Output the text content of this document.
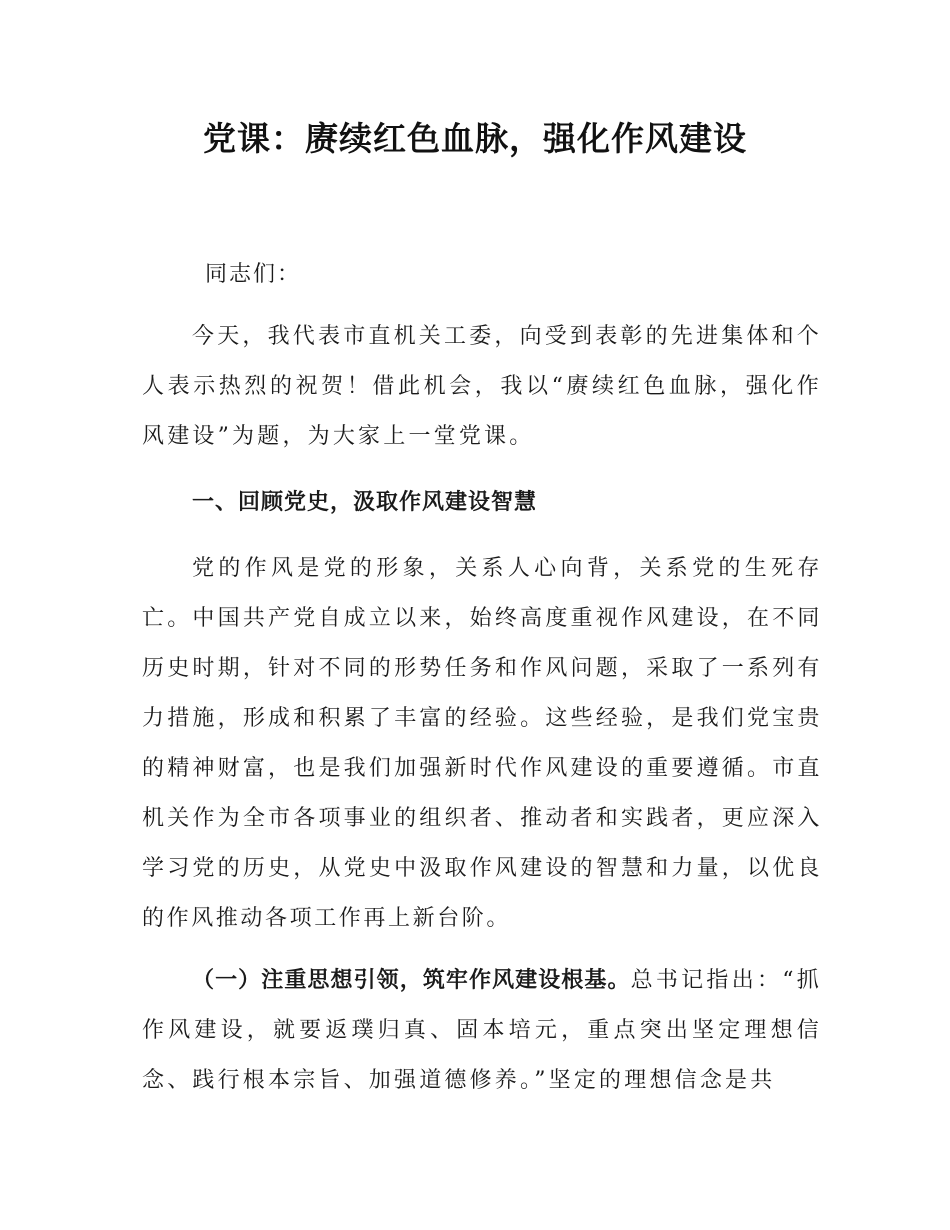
党课：赓续红色血脉，强化作风建设

同志们：

今天，我代表市直机关工委，向受到表彰的先进集体和个人表示热烈的祝贺！借此机会，我以“赓续红色血脉，强化作风建设”为题，为大家上一堂党课。

一、回顾党史，汲取作风建设智慧

党的作风是党的形象，关系人心向背，关系党的生死存亡。中国共产党自成立以来，始终高度重视作风建设，在不同历史时期，针对不同的形势任务和作风问题，采取了一系列有力措施，形成和积累了丰富的经验。这些经验，是我们党宝贵的精神财富，也是我们加强新时代作风建设的重要遵循。市直机关作为全市各项事业的组织者、推动者和实践者，更应深入学习党的历史，从党史中汲取作风建设的智慧和力量，以优良的作风推动各项工作再上新台阶。

（一）注重思想引领，筑牢作风建设根基。总书记指出：“抓作风建设，就要返璞归真、固本培元，重点突出坚定理想信念、践行根本宗旨、加强道德修养。”坚定的理想信念是共
